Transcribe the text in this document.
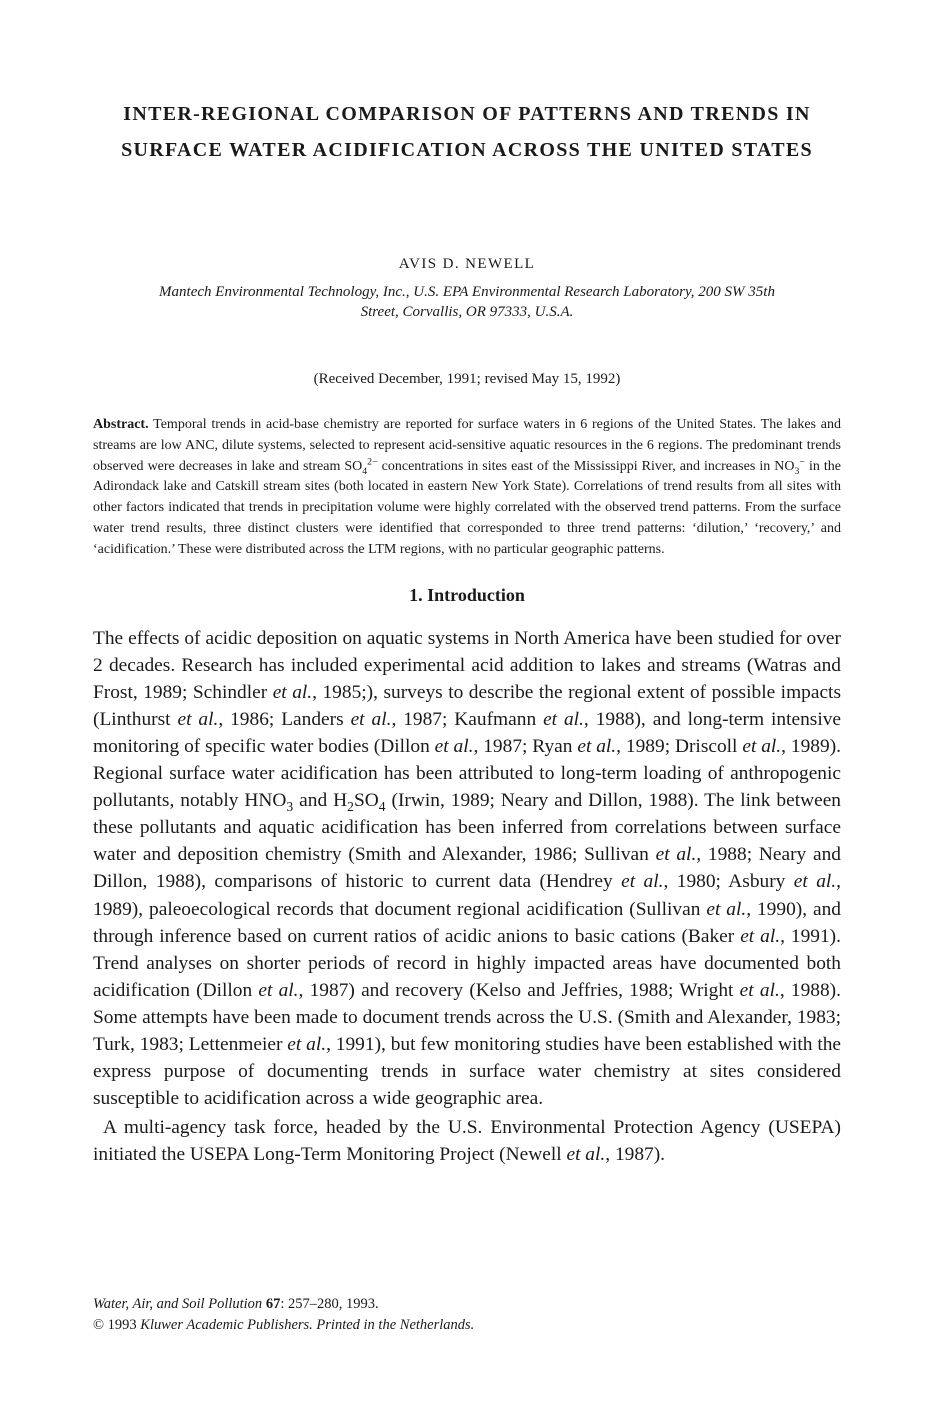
INTER-REGIONAL COMPARISON OF PATTERNS AND TRENDS IN
SURFACE WATER ACIDIFICATION ACROSS THE UNITED STATES
AVIS D. NEWELL
Mantech Environmental Technology, Inc., U.S. EPA Environmental Research Laboratory, 200 SW 35th
Street, Corvallis, OR 97333, U.S.A.
(Received December, 1991; revised May 15, 1992)
Abstract. Temporal trends in acid-base chemistry are reported for surface waters in 6 regions of the United States. The lakes and streams are low ANC, dilute systems, selected to represent acid-sensitive aquatic resources in the 6 regions. The predominant trends observed were decreases in lake and stream $SO_4^{2-}$ concentrations in sites east of the Mississippi River, and increases in $NO_3^-$ in the Adirondack lake and Catskill stream sites (both located in eastern New York State). Correlations of trend results from all sites with other factors indicated that trends in precipitation volume were highly correlated with the observed trend patterns. From the surface water trend results, three distinct clusters were identified that corresponded to three trend patterns: ‘dilution,’ ‘recovery,’ and ‘acidification.’ These were distributed across the LTM regions, with no particular geographic patterns.
1. Introduction

The effects of acidic deposition on aquatic systems in North America have been studied for over 2 decades. Research has included experimental acid addition to lakes and streams (Watras and Frost, 1989; Schindler et al., 1985;), surveys to describe the regional extent of possible impacts (Linthurst et al., 1986; Landers et al., 1987; Kaufmann et al., 1988), and long-term intensive monitoring of specific water bodies (Dillon et al., 1987; Ryan et al., 1989; Driscoll et al., 1989). Regional surface water acidification has been attributed to long-term loading of anthropogenic pollutants, notably $HNO_3$ and $H_2SO_4$ (Irwin, 1989; Neary and Dillon, 1988). The link between these pollutants and aquatic acidification has been inferred from correlations between surface water and deposition chemistry (Smith and Alexander, 1986; Sullivan et al., 1988; Neary and Dillon, 1988), comparisons of historic to current data (Hendrey et al., 1980; Asbury et al., 1989), paleoecological records that document regional acidification (Sullivan et al., 1990), and through inference based on current ratios of acidic anions to basic cations (Baker et al., 1991). Trend analyses on shorter periods of record in highly impacted areas have documented both acidification (Dillon et al., 1987) and recovery (Kelso and Jeffries, 1988; Wright et al., 1988). Some attempts have been made to document trends across the U.S. (Smith and Alexander, 1983; Turk, 1983; Lettenmeier et al., 1991), but few monitoring studies have been established with the express purpose of documenting trends in surface water chemistry at sites considered susceptible to acidification across a wide geographic area.

A multi-agency task force, headed by the U.S. Environmental Protection Agency (USEPA) initiated the USEPA Long-Term Monitoring Project (Newell et al., 1987).

Water, Air, and Soil Pollution 67: 257–280, 1993.
© 1993 Kluwer Academic Publishers. Printed in the Netherlands.
